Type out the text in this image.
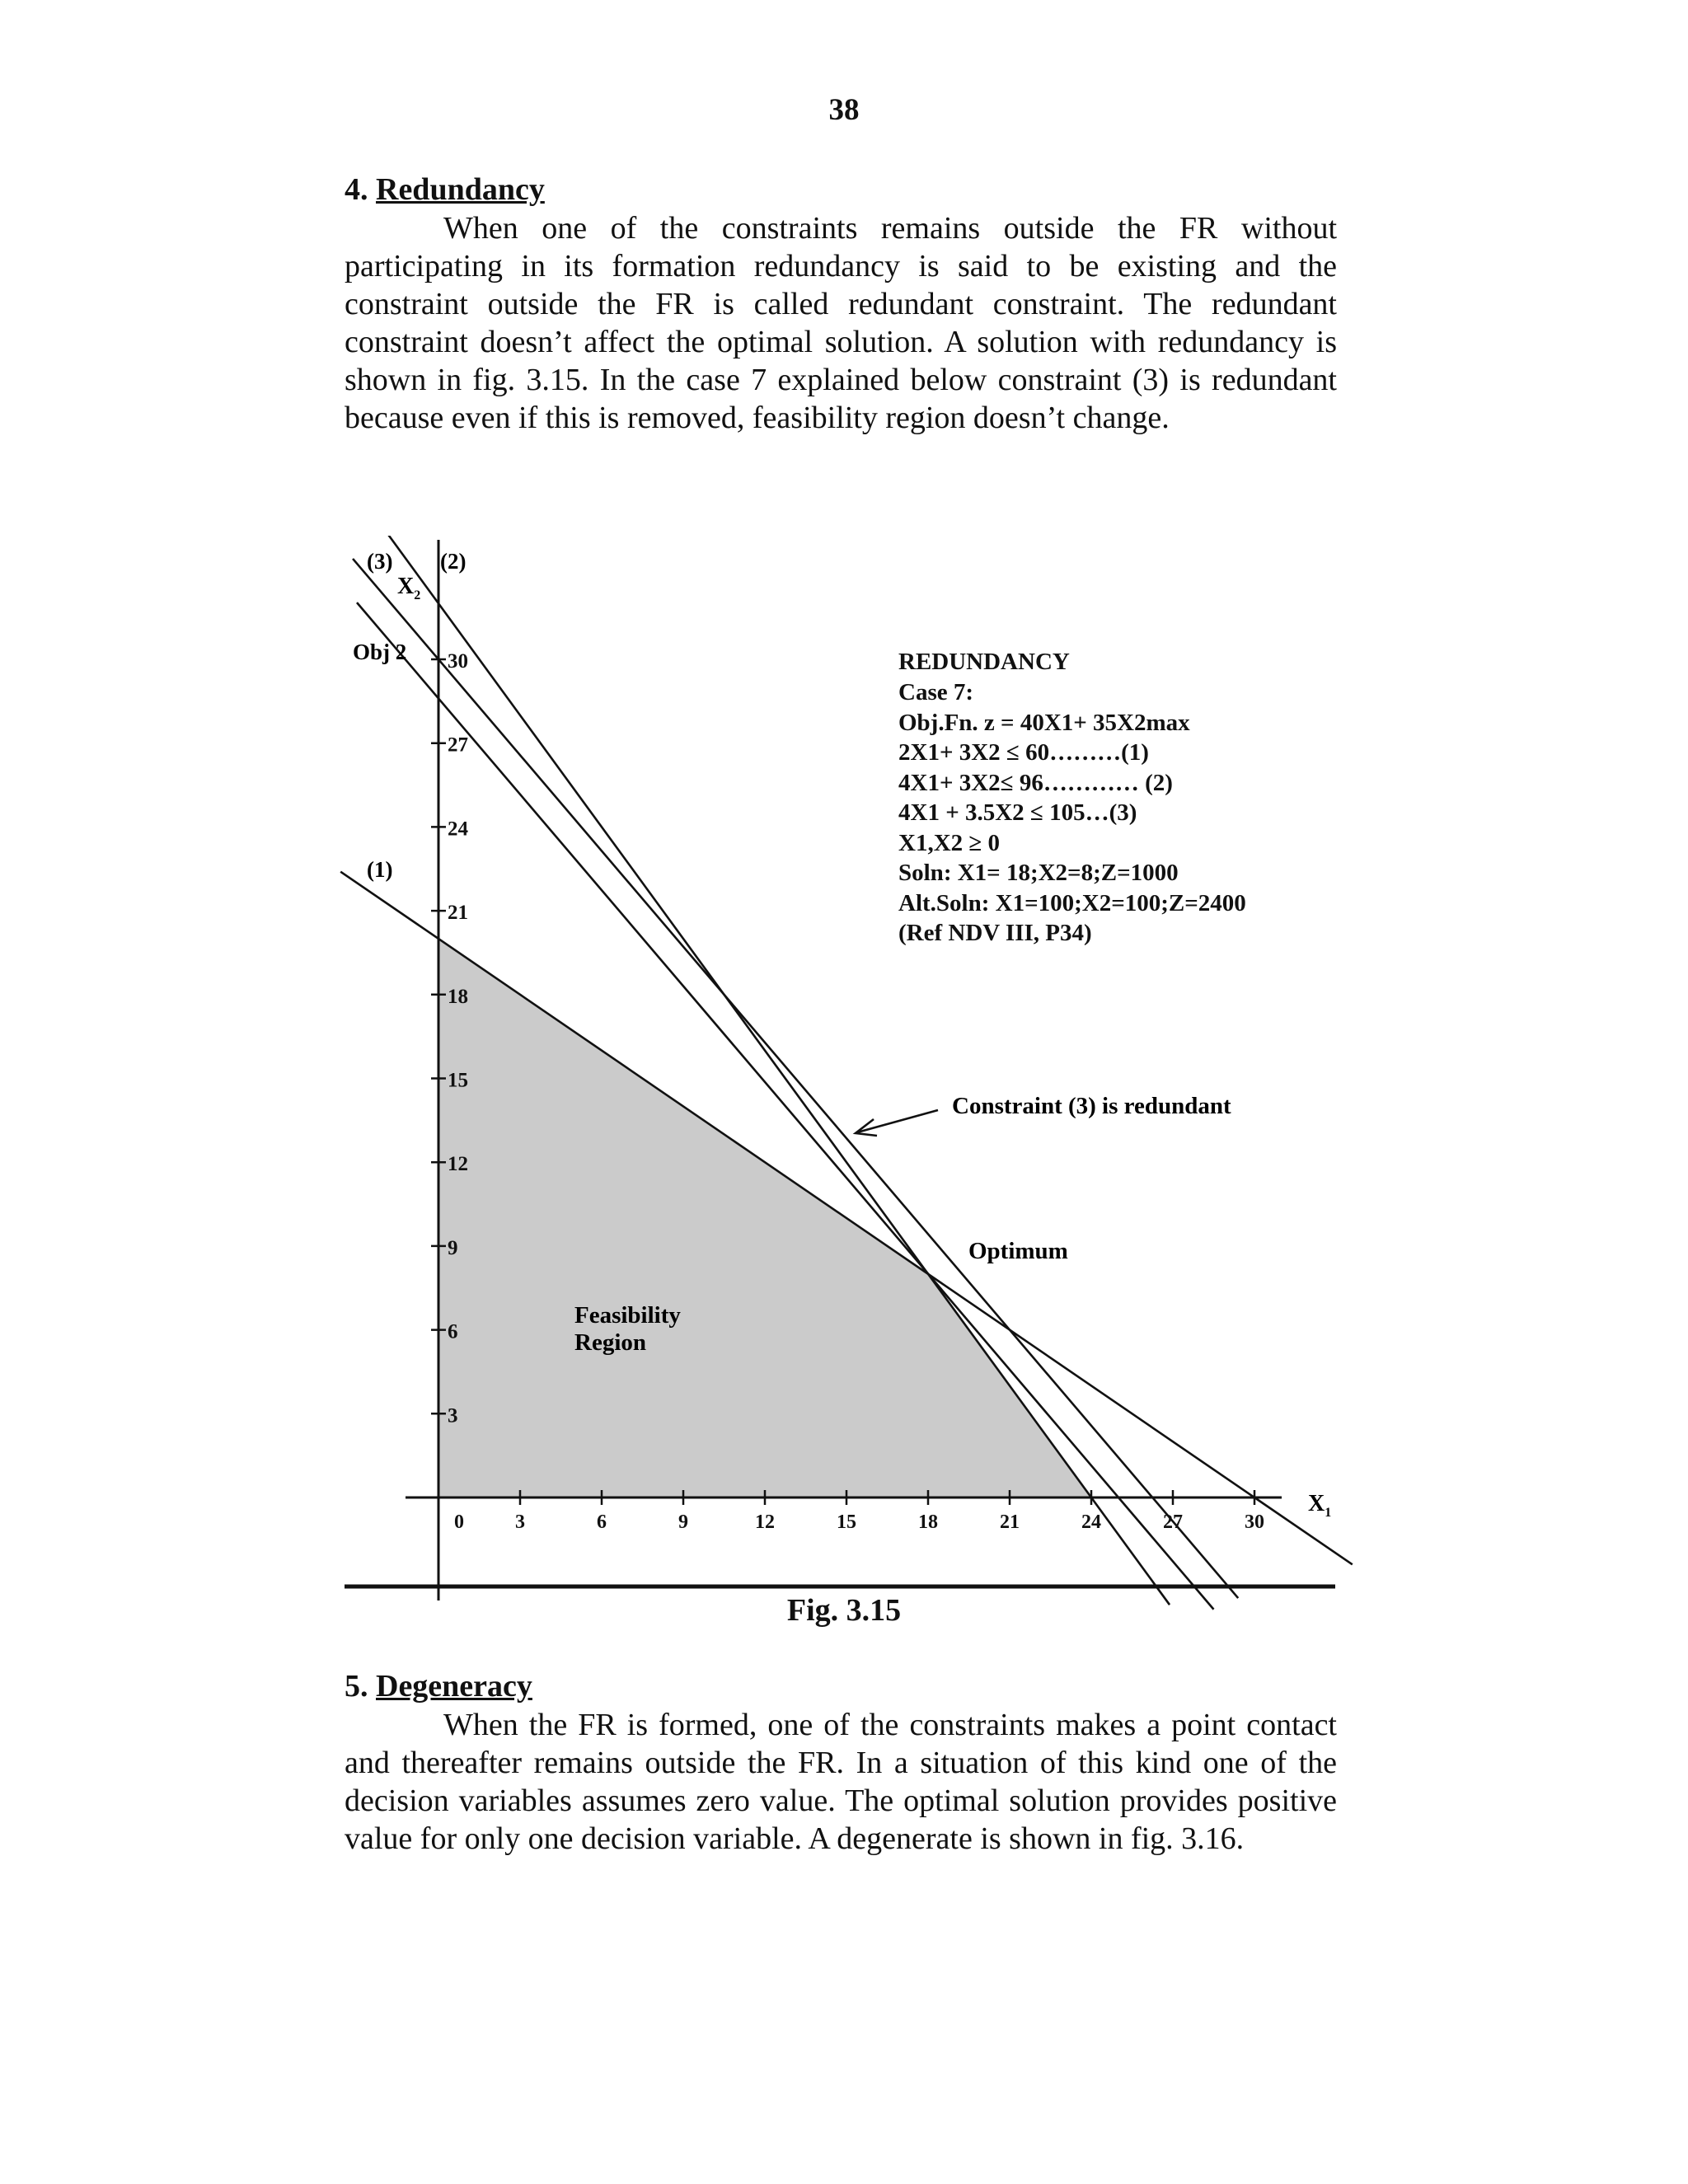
38
4. Redundancy
When one of the constraints remains outside the FR without participating in its formation redundancy is said to be existing and the constraint outside the FR is called redundant constraint. The redundant constraint doesn’t affect the optimal solution. A solution with redundancy is shown in fig. 3.15. In the case 7 explained below constraint (3) is redundant because even if this is removed, feasibility region doesn’t change.
0	3	6	9	12	15	18	21	24	27	30
3
6
9
12
15
18
21
24
27
30
$X_1$
$X_2$
(3) (2)
Obj 2
(1)
Feasibility Region
Optimum
Constraint (3) is redundant
REDUNDANCY
Case 7:
Obj.Fn. z = 40X1+ 35X2max
2X1+ 3X2 ≤ 60………(1)
4X1+ 3X2≤ 96………… (2)
4X1 + 3.5X2 ≤ 105…(3)
X1,X2 ≥ 0
Soln: X1= 18;X2=8;Z=1000
Alt.Soln: X1=100;X2=100;Z=2400
(Ref NDV III, P34)
Fig. 3.15
5. Degeneracy
When the FR is formed, one of the constraints makes a point contact and thereafter remains outside the FR. In a situation of this kind one of the decision variables assumes zero value. The optimal solution provides positive value for only one decision variable. A degenerate is shown in fig. 3.16.
